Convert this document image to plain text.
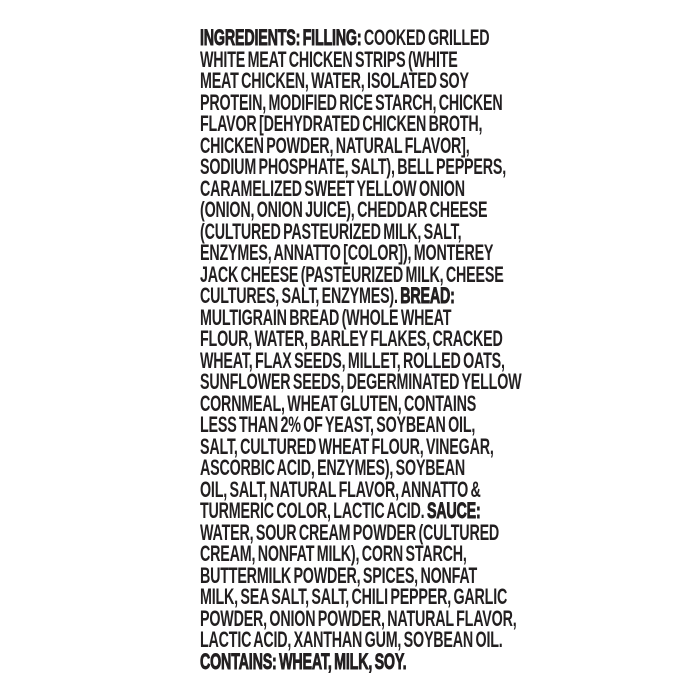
INGREDIENTS: FILLING: COOKED GRILLED
WHITE MEAT CHICKEN STRIPS (WHITE
MEAT CHICKEN, WATER, ISOLATED SOY
PROTEIN, MODIFIED RICE STARCH, CHICKEN
FLAVOR [DEHYDRATED CHICKEN BROTH,
CHICKEN POWDER, NATURAL FLAVOR],
SODIUM PHOSPHATE, SALT), BELL PEPPERS,
CARAMELIZED SWEET YELLOW ONION
(ONION, ONION JUICE), CHEDDAR CHEESE
(CULTURED PASTEURIZED MILK, SALT,
ENZYMES, ANNATTO [COLOR]), MONTEREY
JACK CHEESE (PASTEURIZED MILK, CHEESE
CULTURES, SALT, ENZYMES). BREAD:
MULTIGRAIN BREAD (WHOLE WHEAT
FLOUR, WATER, BARLEY FLAKES, CRACKED
WHEAT, FLAX SEEDS, MILLET, ROLLED OATS,
SUNFLOWER SEEDS, DEGERMINATED YELLOW
CORNMEAL, WHEAT GLUTEN, CONTAINS
LESS THAN 2% OF YEAST, SOYBEAN OIL,
SALT, CULTURED WHEAT FLOUR, VINEGAR,
ASCORBIC ACID, ENZYMES), SOYBEAN
OIL, SALT, NATURAL FLAVOR, ANNATTO &
TURMERIC COLOR, LACTIC ACID. SAUCE:
WATER, SOUR CREAM POWDER (CULTURED
CREAM, NONFAT MILK), CORN STARCH,
BUTTERMILK POWDER, SPICES, NONFAT
MILK, SEA SALT, SALT, CHILI PEPPER, GARLIC
POWDER, ONION POWDER, NATURAL FLAVOR,
LACTIC ACID, XANTHAN GUM, SOYBEAN OIL.
CONTAINS: WHEAT, MILK, SOY.
